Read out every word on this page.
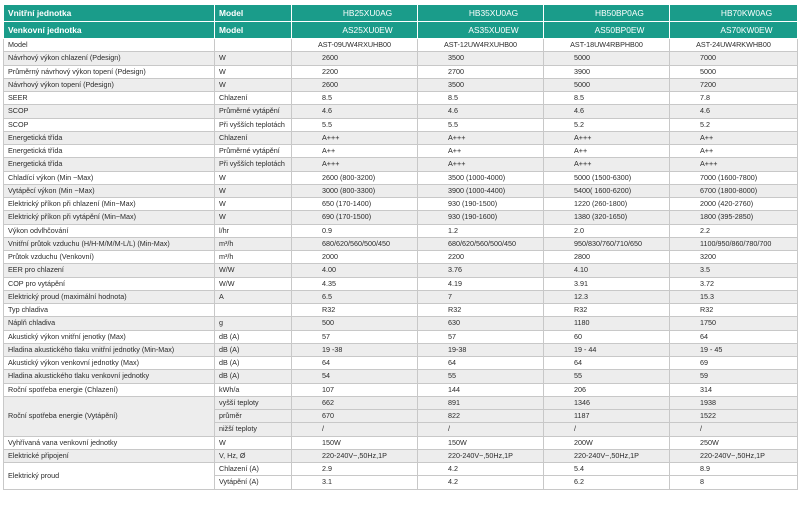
Vnitřní jednotka	Model	HB25XU0AG	HB35XU0AG	HB50BP0AG	HB70KW0AG
Venkovní jednotka	Model	AS25XU0EW	AS35XU0EW	AS50BP0EW	AS70KW0EW
Model		AST-09UW4RXUHB00	AST-12UW4RXUHB00	AST-18UW4RBPHB00	AST-24UW4RKWHB00
Návrhový výkon chlazení (Pdesign)	W	2600	3500	5000	7000
Průměrný návrhový výkon topení (Pdesign)	W	2200	2700	3900	5000
Návrhový výkon topení (Pdesign)	W	2600	3500	5000	7200
SEER	Chlazení	8.5	8.5	8.5	7.8
SCOP	Průměrné vytápění	4.6	4.6	4.6	4.6
SCOP	Při vyšších teplotách	5.5	5.5	5.2	5.2
Energetická třída	Chlazení	A+++	A+++	A+++	A++
Energetická třída	Průměrné vytápění	A++	A++	A++	A++
Energetická třída	Při vyšších teplotách	A+++	A+++	A+++	A+++
Chladící výkon (Min ~Max)	W	2600 (800-3200)	3500 (1000-4000)	5000 (1500-6300)	7000 (1600-7800)
Vytápěcí výkon (Min ~Max)	W	3000 (800-3300)	3900 (1000-4400)	5400( 1600-6200)	6700 (1800-8000)
Elektrický příkon při chlazení (Min~Max)	W	650 (170-1400)	930 (190-1500)	1220 (260-1800)	2000 (420-2760)
Elektrický příkon při vytápění (Min~Max)	W	690 (170-1500)	930 (190-1600)	1380 (320-1650)	1800 (395-2850)
Výkon odvlhčování	l/hr	0.9	1.2	2.0	2.2
Vnitřní průtok vzduchu (H/H-M/M/M-L/L) (Min-Max)	m³/h	680/620/560/500/450	680/620/560/500/450	950/830/760/710/650	1100/950/860/780/700
Průtok vzduchu (Venkovní)	m³/h	2000	2200	2800	3200
EER pro chlazení	W/W	4.00	3.76	4.10	3.5
COP pro vytápění	W/W	4.35	4.19	3.91	3.72
Elektrický proud (maximální hodnota)	A	6.5	7	12.3	15.3
Typ chladiva		R32	R32	R32	R32
Náplň chladiva	g	500	630	1180	1750
Akustický výkon vnitřní jenotky (Max)	dB (A)	57	57	60	64
Hladina akustického tlaku vnitřní jednotky (Min-Max)	dB (A)	19 -38	19-38	19 - 44	19 - 45
Akustický výkon venkovní jednotky (Max)	dB (A)	64	64	64	69
Hladina akustického tlaku venkovní jednotky	dB (A)	54	55	55	59
Roční spotřeba energie (Chlazení)	kWh/a	107	144	206	314
Roční spotřeba energie (Vytápění)	vyšší teploty	662	891	1346	1938
	průměr	670	822	1187	1522
	nižší teploty	/	/	/	/
Vyhřívaná vana venkovní jednotky	W	150W	150W	200W	250W
Elektrické připojení	V, Hz, Ø	220-240V~,50Hz,1P	220-240V~,50Hz,1P	220-240V~,50Hz,1P	220-240V~,50Hz,1P
Elektrický proud	Chlazení (A)	2.9	4.2	5.4	8.9
	Vytápění (A)	3.1	4.2	6.2	8
